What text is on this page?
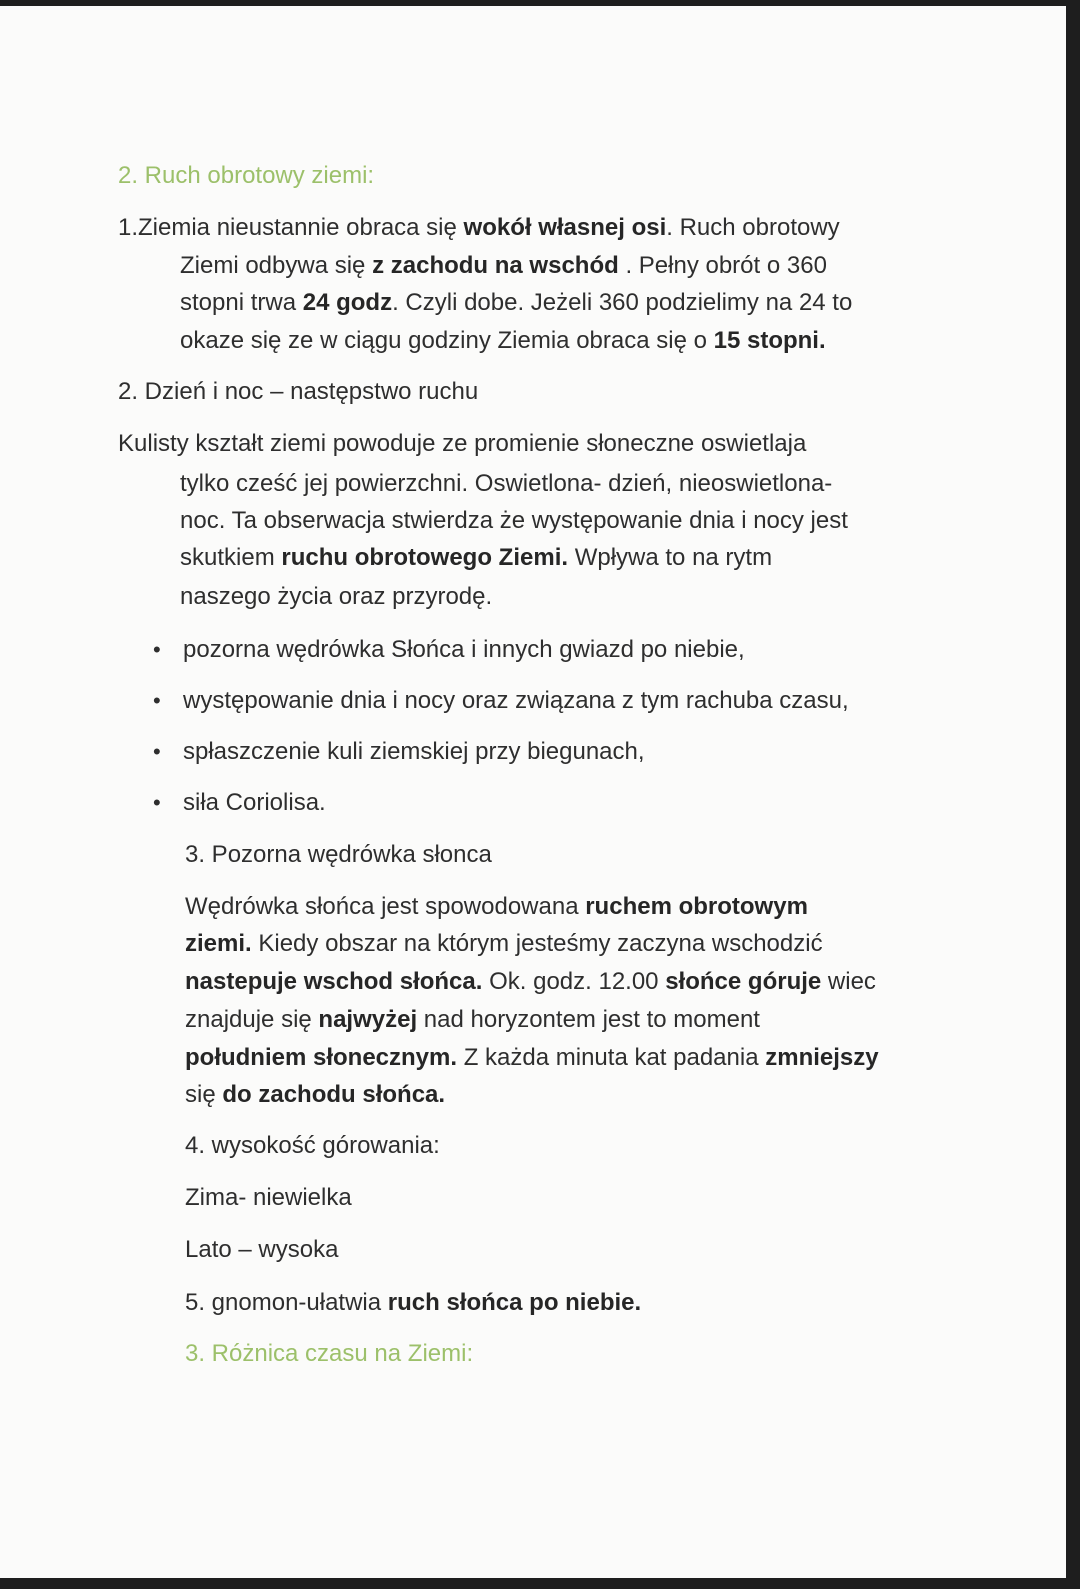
2. Ruch obrotowy ziemi:
1.Ziemia nieustannie obraca się wokół własnej osi. Ruch obrotowy
Ziemi odbywa się z zachodu na wschód . Pełny obrót o 360
stopni trwa 24 godz. Czyli dobe. Jeżeli 360 podzielimy na 24 to
okaze się ze w ciągu godziny Ziemia obraca się o 15 stopni.
2. Dzień i noc – następstwo ruchu
Kulisty kształt ziemi powoduje ze promienie słoneczne oswietlaja
tylko cześć jej powierzchni. Oswietlona- dzień, nieoswietlona-
noc. Ta obserwacja stwierdza że występowanie dnia i nocy jest
skutkiem ruchu obrotowego Ziemi. Wpływa to na rytm
naszego życia oraz przyrodę.
• pozorna wędrówka Słońca i innych gwiazd po niebie,
• występowanie dnia i nocy oraz związana z tym rachuba czasu,
• spłaszczenie kuli ziemskiej przy biegunach,
• siła Coriolisa.
3. Pozorna wędrówka słonca
Wędrówka słońca jest spowodowana ruchem obrotowym
ziemi. Kiedy obszar na którym jesteśmy zaczyna wschodzić
nastepuje wschod słońca. Ok. godz. 12.00 słońce góruje wiec
znajduje się najwyżej nad horyzontem jest to moment
południem słonecznym. Z każda minuta kat padania zmniejszy
się do zachodu słońca.
4. wysokość górowania:
Zima- niewielka
Lato – wysoka
5. gnomon-ułatwia ruch słońca po niebie.
3. Różnica czasu na Ziemi:
